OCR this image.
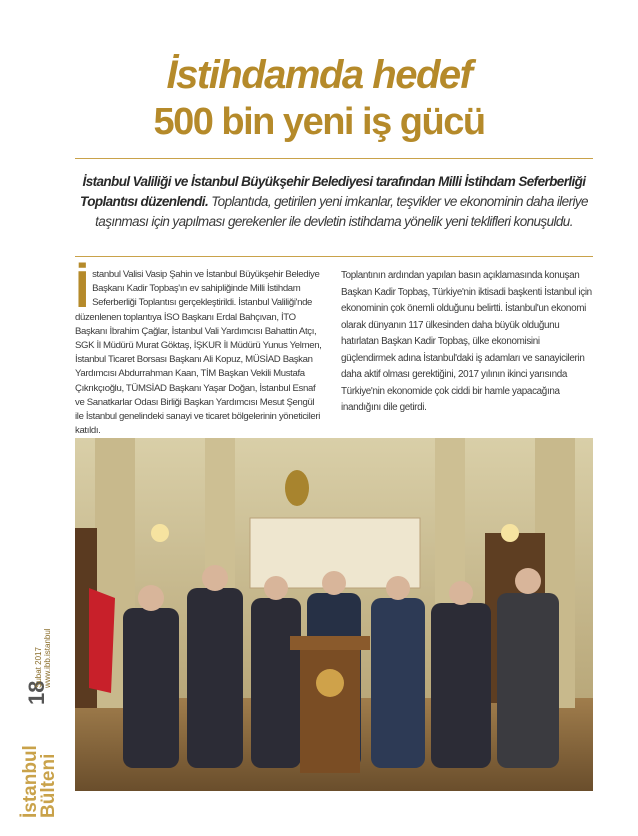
İstihdamda hedef
500 bin yeni iş gücü
İstanbul Valiliği ve İstanbul Büyükşehir Belediyesi tarafından Milli İstihdam Seferberliği Toplantısı düzenlendi. Toplantıda, getirilen yeni imkanlar, teşvikler ve ekonominin daha ileriye taşınması için yapılması gerekenler ile devletin istihdama yönelik yeni teklifleri konuşuldu.
İstanbul Valisi Vasip Şahin ve İstanbul Büyükşehir Belediye Başkanı Kadir Topbaş'ın ev sahipliğinde Milli İstihdam Seferberliği Toplantısı gerçekleştirildi. İstanbul Valiliği'nde düzenlenen toplantıya İSO Başkanı Erdal Bahçıvan, İTO Başkanı İbrahim Çağlar, İstanbul Vali Yardımcısı Bahattin Atçı, SGK İl Müdürü Murat Göktaş, İŞKUR İl Müdürü Yunus Yelmen, İstanbul Ticaret Borsası Başkanı Ali Kopuz, MÜSİAD Başkan Yardımcısı Abdurrahman Kaan, TİM Başkan Vekili Mustafa Çıkrıkçıoğlu, TÜMSİAD Başkanı Yaşar Doğan, İstanbul Esnaf ve Sanatkarlar Odası Birliği Başkan Yardımcısı Mesut Şengül ile İstanbul genelindeki sanayi ve ticaret bölgelerinin yöneticileri katıldı.
Toplantının ardından yapılan basın açıklamasında konuşan Başkan Kadir Topbaş, Türkiye'nin iktisadi başkenti İstanbul için ekonominin çok önemli olduğunu belirtti. İstanbul'un ekonomi olarak dünyanın 117 ülkesinden daha büyük olduğunu hatırlatan Başkan Kadir Topbaş, ülke ekonomisini güçlendirmek adına İstanbul'daki iş adamları ve sanayicilerin daha aktif olması gerektiğini, 2017 yılının ikinci yarısında Türkiye'nin ekonomide çok ciddi bir hamle yapacağına inandığını dile getirdi.
İstanbul
Bülteni
18
Şubat 2017 www.ibb.istanbul
